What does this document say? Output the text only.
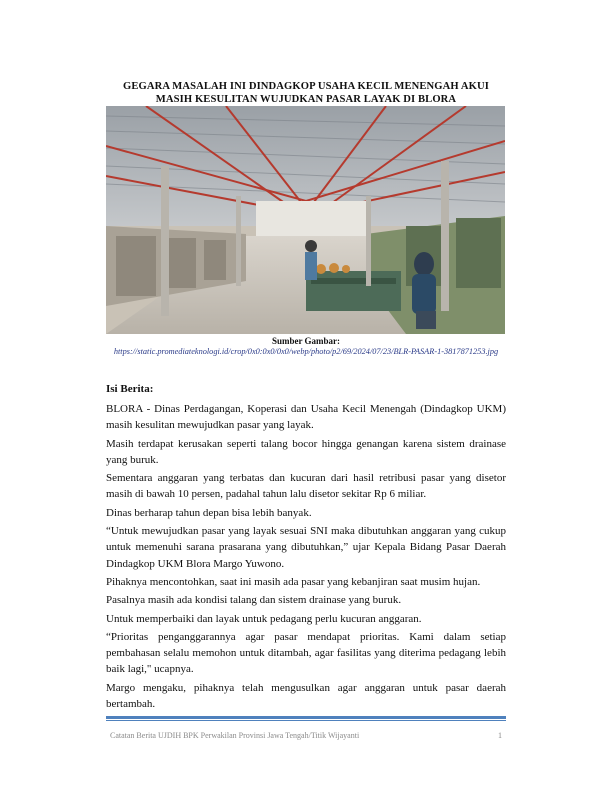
GEGARA MASALAH INI DINDAGKOP USAHA KECIL MENENGAH AKUI MASIH KESULITAN WUJUDKAN PASAR LAYAK DI BLORA
Sumber Gambar:
https://static.promediateknologi.id/crop/0x0:0x0/0x0/webp/photo/p2/69/2024/07/23/BLR-PASAR-1-3817871253.jpg

Isi Berita:

BLORA - Dinas Perdagangan, Koperasi dan Usaha Kecil Menengah (Dindagkop UKM) masih kesulitan mewujudkan pasar yang layak.

Masih terdapat kerusakan seperti talang bocor hingga genangan karena sistem drainase yang buruk.

Sementara anggaran yang terbatas dan kucuran dari hasil retribusi pasar yang disetor masih di bawah 10 persen, padahal tahun lalu disetor sekitar Rp 6 miliar.

Dinas berharap tahun depan bisa lebih banyak.

“Untuk mewujudkan pasar yang layak sesuai SNI maka dibutuhkan anggaran yang cukup untuk memenuhi sarana prasarana yang dibutuhkan,” ujar Kepala Bidang Pasar Daerah Dindagkop UKM Blora Margo Yuwono.

Pihaknya mencontohkan, saat ini masih ada pasar yang kebanjiran saat musim hujan.

Pasalnya masih ada kondisi talang dan sistem drainase yang buruk.

Untuk memperbaiki dan layak untuk pedagang perlu kucuran anggaran.

“Prioritas penganggarannya agar pasar mendapat prioritas. Kami dalam setiap pembahasan selalu memohon untuk ditambah, agar fasilitas yang diterima pedagang lebih baik lagi," ucapnya.

Margo mengaku, pihaknya telah mengusulkan agar anggaran untuk pasar daerah bertambah.

Catatan Berita UJDIH BPK Perwakilan Provinsi Jawa Tengah/Titik Wijayanti	1
